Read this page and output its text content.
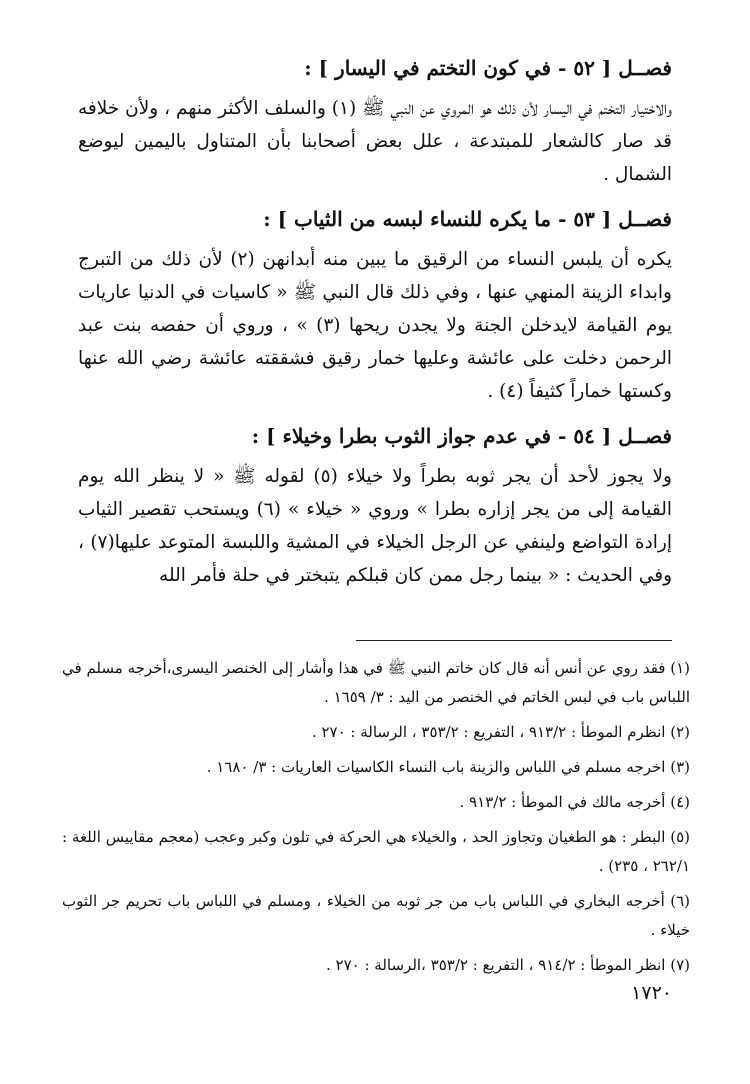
فصــل [ ٥٢ - في كون التختم في اليسار ] :

والاختيار التختم في اليسار لأن ذلك هو المروي عن النبي ﷺ (١) والسلف الأكثر منهم ، ولأن خلافه قد صار كالشعار للمبتدعة ، علل بعض أصحابنا بأن المتناول باليمين ليوضع الشمال .

فصــل [ ٥٣ - ما يكره للنساء لبسه من الثياب ] :

يكره أن يلبس النساء من الرقيق ما يبين منه أبدانهن (٢) لأن ذلك من التبرج وابداء الزينة المنهي عنها ، وفي ذلك قال النبي ﷺ « كاسيات في الدنيا عاريات يوم القيامة لايدخلن الجنة ولا يجدن ريحها (٣) » ، وروي أن حفصه بنت عبد الرحمن دخلت على عائشة وعليها خمار رقيق فشققته عائشة رضي الله عنها وكستها خماراً كثيفاً (٤) .

فصــل [ ٥٤ - في عدم جواز الثوب بطرا وخيلاء ] :

ولا يجوز لأحد أن يجر ثوبه بطراً ولا خيلاء (٥) لقوله ﷺ « لا ينظر الله يوم القيامة إلى من يجر إزاره بطرا » وروي « خيلاء » (٦) ويستحب تقصير الثياب إرادة التواضع ولينفي عن الرجل الخيلاء في المشية واللبسة المتوعد عليها(٧) ، وفي الحديث : « بينما رجل ممن كان قبلكم يتبختر في حلة فأمر الله

(١) فقد روي عن أنس أنه قال كان خاتم النبي ﷺ في هذا وأشار إلى الخنصر اليسرى،أخرجه مسلم في اللباس باب في لبس الخاتم في الخنصر من اليد : ٣/ ١٦٥٩ .

(٢) انظرم الموطأ : ٩١٣/٢ ، التفريع : ٣٥٣/٢ ، الرسالة : ٢٧٠ .

(٣) اخرجه مسلم في اللباس والزينة باب النساء الكاسيات العاريات : ٣/ ١٦٨٠ .

(٤) أخرجه مالك في الموطأ : ٩١٣/٢ .

(٥) البطر : هو الطغيان وتجاوز الحد ، والخيلاء هي الحركة في تلون وكبر وعجب (معجم مقاييس اللغة : ٢٦٢/١ ، ٢٣٥) .

(٦) أخرجه البخاري في اللباس باب من جر ثوبه من الخيلاء ، ومسلم في اللباس باب تحريم جر الثوب خيلاء .

(٧) انظر الموطأ : ٩١٤/٢ ، التفريع : ٣٥٣/٢ ،الرسالة : ٢٧٠ .

١٧٢٠
